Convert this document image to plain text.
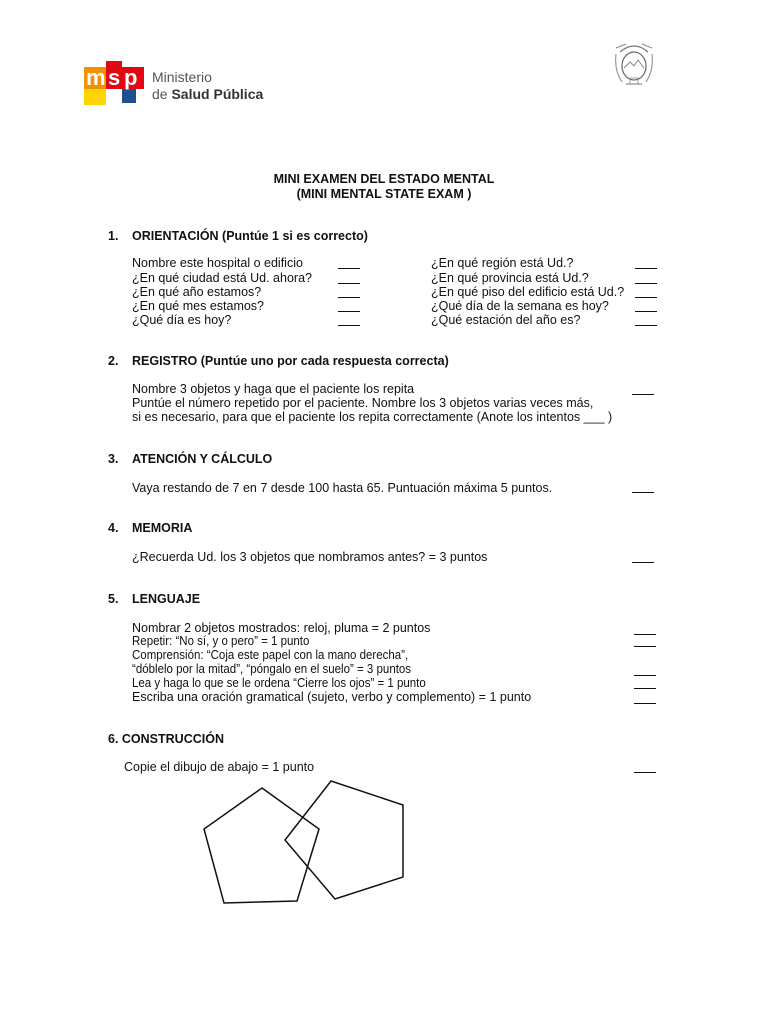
m s p Ministerio
de Salud Pública
MINI EXAMEN DEL ESTADO MENTAL
(MINI MENTAL STATE EXAM )
1. ORIENTACIÓN (Puntúe 1 si es correcto)
Nombre este hospital o edificio
¿En qué ciudad está Ud. ahora?
¿En qué año estamos?
¿En qué mes estamos?
¿Qué día es hoy?
¿En qué región está Ud.?
¿En qué provincia está Ud.?
¿En qué piso del edificio está Ud.?
¿Qué día de la semana es hoy?
¿Qué estación del año es?
2. REGISTRO (Puntúe uno por cada respuesta correcta)
Nombre 3 objetos y haga que el paciente los repita
Puntúe el número repetido por el paciente. Nombre los 3 objetos varias veces más,
si es necesario, para que el paciente los repita correctamente (Anote los intentos ___ )
3. ATENCIÓN Y CÁLCULO
Vaya restando de 7 en 7 desde 100 hasta 65. Puntuación máxima 5 puntos.
4. MEMORIA
¿Recuerda Ud. los 3 objetos que nombramos antes? = 3 puntos
5. LENGUAJE
Nombrar 2 objetos mostrados: reloj, pluma = 2 puntos
Repetir: “No sí, y o pero” = 1 punto
Comprensión: “Coja este papel con la mano derecha”,
“dóblelo por la mitad”, “póngalo en el suelo” = 3 puntos
Lea y haga lo que se le ordena “Cierre los ojos” = 1 punto
Escriba una oración gramatical (sujeto, verbo y complemento) = 1 punto
6. CONSTRUCCIÓN
Copie el dibujo de abajo = 1 punto
